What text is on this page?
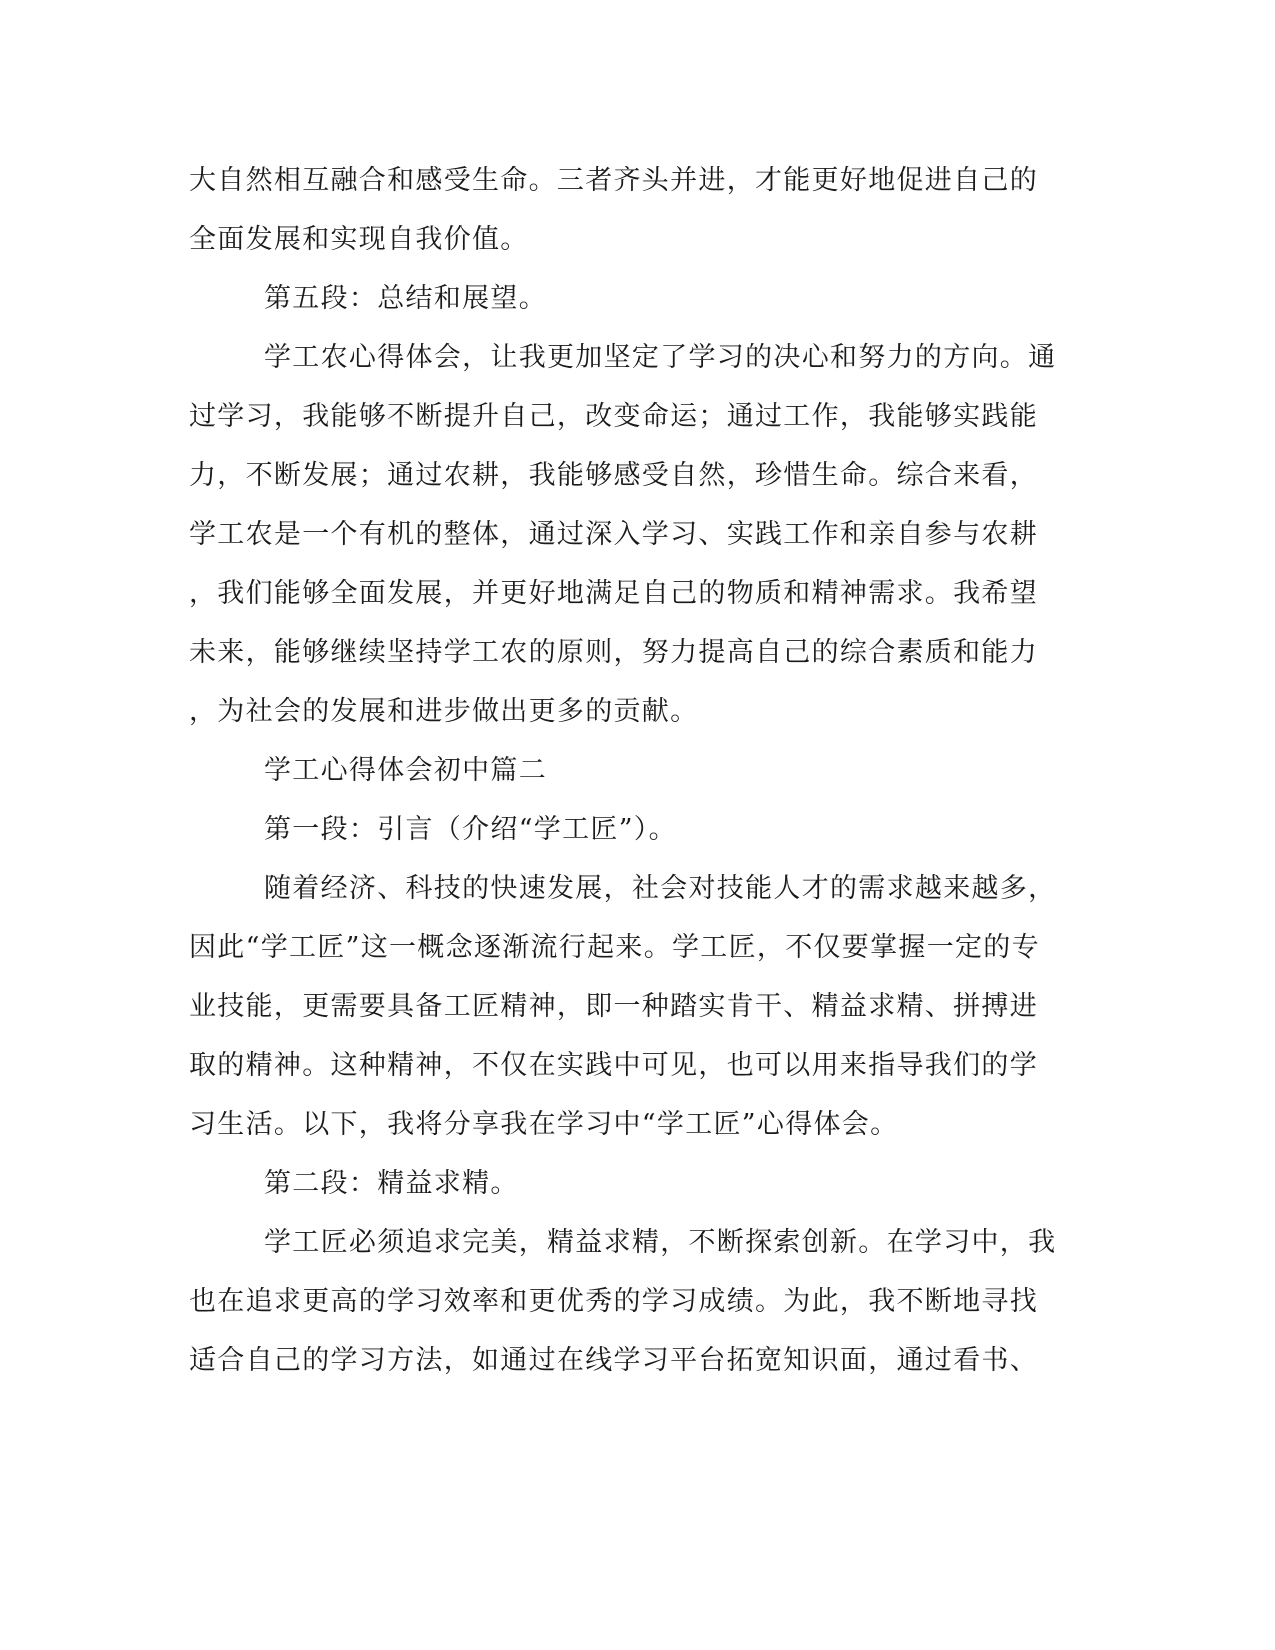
大自然相互融合和感受生命。三者齐头并进，才能更好地促进自己的
全面发展和实现自我价值。
第五段：总结和展望。
学工农心得体会，让我更加坚定了学习的决心和努力的方向。通
过学习，我能够不断提升自己，改变命运；通过工作，我能够实践能
力，不断发展；通过农耕，我能够感受自然，珍惜生命。综合来看，
学工农是一个有机的整体，通过深入学习、实践工作和亲自参与农耕
，我们能够全面发展，并更好地满足自己的物质和精神需求。我希望
未来，能够继续坚持学工农的原则，努力提高自己的综合素质和能力
，为社会的发展和进步做出更多的贡献。
学工心得体会初中篇二
第一段：引言（介绍“学工匠”）。
随着经济、科技的快速发展，社会对技能人才的需求越来越多，
因此“学工匠”这一概念逐渐流行起来。学工匠，不仅要掌握一定的专
业技能，更需要具备工匠精神，即一种踏实肯干、精益求精、拼搏进
取的精神。这种精神，不仅在实践中可见，也可以用来指导我们的学
习生活。以下，我将分享我在学习中“学工匠”心得体会。
第二段：精益求精。
学工匠必须追求完美，精益求精，不断探索创新。在学习中，我
也在追求更高的学习效率和更优秀的学习成绩。为此，我不断地寻找
适合自己的学习方法，如通过在线学习平台拓宽知识面，通过看书、
